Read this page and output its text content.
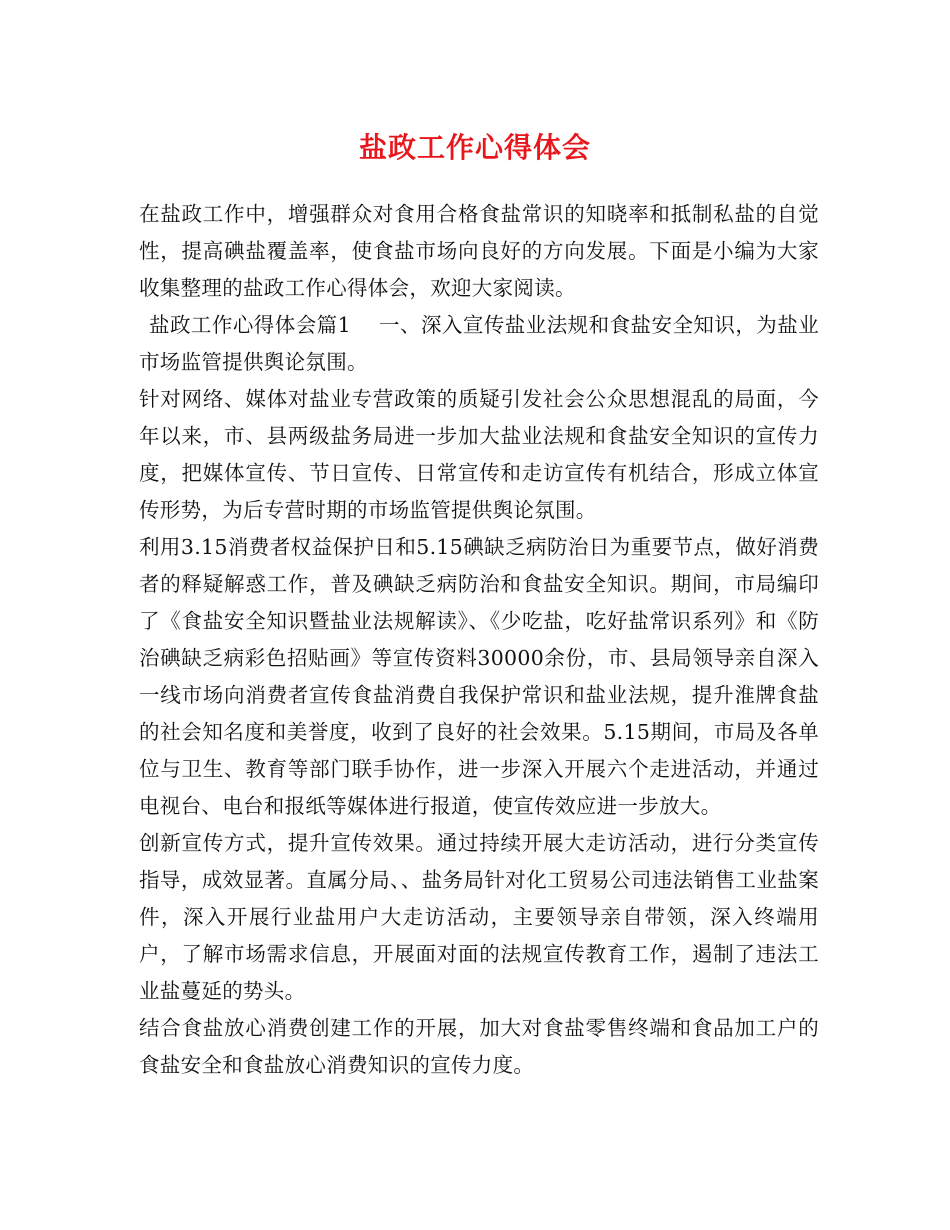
盐政工作心得体会

在盐政工作中，增强群众对食用合格食盐常识的知晓率和抵制私盐的自觉性，提高碘盐覆盖率，使食盐市场向良好的方向发展。下面是小编为大家收集整理的盐政工作心得体会，欢迎大家阅读。

盐政工作心得体会篇1　 一、深入宣传盐业法规和食盐安全知识，为盐业市场监管提供舆论氛围。

针对网络、媒体对盐业专营政策的质疑引发社会公众思想混乱的局面，今年以来，市、县两级盐务局进一步加大盐业法规和食盐安全知识的宣传力度，把媒体宣传、节日宣传、日常宣传和走访宣传有机结合，形成立体宣传形势，为后专营时期的市场监管提供舆论氛围。

利用3.15消费者权益保护日和5.15碘缺乏病防治日为重要节点，做好消费者的释疑解惑工作，普及碘缺乏病防治和食盐安全知识。期间，市局编印了《食盐安全知识暨盐业法规解读》、《少吃盐，吃好盐常识系列》和《防治碘缺乏病彩色招贴画》等宣传资料30000余份，市、县局领导亲自深入一线市场向消费者宣传食盐消费自我保护常识和盐业法规，提升淮牌食盐的社会知名度和美誉度，收到了良好的社会效果。5.15期间，市局及各单位与卫生、教育等部门联手协作，进一步深入开展六个走进活动，并通过电视台、电台和报纸等媒体进行报道，使宣传效应进一步放大。

创新宣传方式，提升宣传效果。通过持续开展大走访活动，进行分类宣传指导，成效显著。直属分局、、盐务局针对化工贸易公司违法销售工业盐案件，深入开展行业盐用户大走访活动，主要领导亲自带领，深入终端用户，了解市场需求信息，开展面对面的法规宣传教育工作，遏制了违法工业盐蔓延的势头。

结合食盐放心消费创建工作的开展，加大对食盐零售终端和食品加工户的食盐安全和食盐放心消费知识的宣传力度。
